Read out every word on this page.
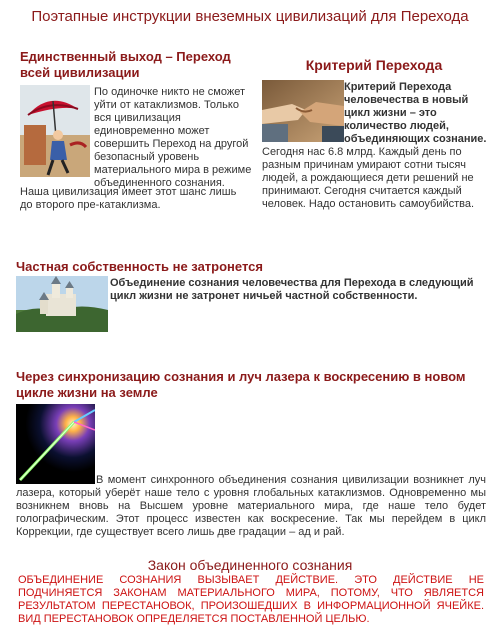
Поэтапные инструкции внеземных цивилизаций для Перехода
Единственный выход – Переход всей цивилизации
По одиночке никто не сможет уйти от катаклизмов. Только вся цивилизация единовременно может совершить Переход на другой безопасный уровень материального мира в режиме объединенного сознания.
Наша цивилизация имеет этот шанс лишь до второго пре-катаклизма.
Критерий Перехода
Критерий Перехода человечества в новый цикл жизни – это количество людей, объединяющих сознание. Сегодня нас 6.8 млрд. Каждый день по разным причинам умирают сотни тысяч людей, а рождающиеся дети решений не принимают. Сегодня считается каждый человек. Надо остановить самоубийства.
Частная собственность не затронется
Объединение сознания человечества для Перехода в следующий цикл жизни не затронет ничьей частной собственности.
Через синхронизацию сознания и луч лазера к воскресению в новом цикле жизни на земле
В момент синхронного объединения сознания цивилизации возникнет луч лазера, который уберёт наше тело с уровня глобальных катаклизмов. Одновременно мы возникнем вновь на Высшем уровне материального мира, где наше тело будет голографическим. Этот процесс известен как воскресение. Так мы перейдем в цикл Коррекции, где существует всего лишь две градации – ад и рай.
Закон объединенного сознания
ОБЪЕДИНЕНИЕ СОЗНАНИЯ ВЫЗЫВАЕТ ДЕЙСТВИЕ. ЭТО ДЕЙСТВИЕ НЕ ПОДЧИНЯЕТСЯ ЗАКОНАМ МАТЕРИАЛЬНОГО МИРА, ПОТОМУ, ЧТО ЯВЛЯЕТСЯ РЕЗУЛЬТАТОМ ПЕРЕСТАНОВОК, ПРОИЗОШЕДШИХ В ИНФОРМАЦИОННОЙ ЯЧЕЙКЕ. ВИД ПЕРЕСТАНОВОК ОПРЕДЕЛЯЕТСЯ ПОСТАВЛЕННОЙ ЦЕЛЬЮ.
